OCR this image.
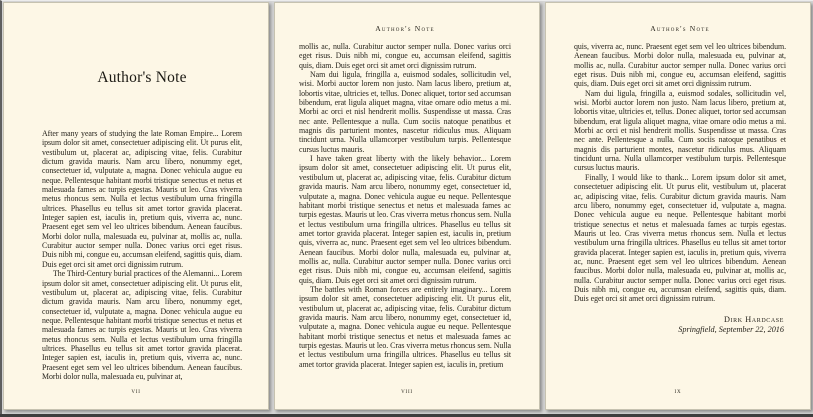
Author's Note

After many years of studying the late Roman Empire... Lorem ipsum dolor sit amet, consectetuer adipiscing elit. Ut purus elit, vestibulum ut, placerat ac, adipiscing vitae, felis. Curabitur dictum gravida mauris. Nam arcu libero, nonummy eget, consectetuer id, vulputate a, magna. Donec vehicula augue eu neque. Pellentesque habitant morbi tristique senectus et netus et malesuada fames ac turpis egestas. Mauris ut leo. Cras viverra metus rhoncus sem. Nulla et lectus vestibulum urna fringilla ultrices. Phasellus eu tellus sit amet tortor gravida placerat. Integer sapien est, iaculis in, pretium quis, viverra ac, nunc. Praesent eget sem vel leo ultrices bibendum. Aenean faucibus. Morbi dolor nulla, malesuada eu, pulvinar at, mollis ac, nulla. Curabitur auctor semper nulla. Donec varius orci eget risus. Duis nibh mi, congue eu, accumsan eleifend, sagittis quis, diam. Duis eget orci sit amet orci dignissim rutrum.

The Third-Century burial practices of the Alemanni... Lorem ipsum dolor sit amet, consectetuer adipiscing elit. Ut purus elit, vestibulum ut, placerat ac, adipiscing vitae, felis. Curabitur dictum gravida mauris. Nam arcu libero, nonummy eget, consectetuer id, vulputate a, magna. Donec vehicula augue eu neque. Pellentesque habitant morbi tristique senectus et netus et malesuada fames ac turpis egestas. Mauris ut leo. Cras viverra metus rhoncus sem. Nulla et lectus vestibulum urna fringilla ultrices. Phasellus eu tellus sit amet tortor gravida placerat. Integer sapien est, iaculis in, pretium quis, viverra ac, nunc. Praesent eget sem vel leo ultrices bibendum. Aenean faucibus. Morbi dolor nulla, malesuada eu, pulvinar at,

vii
Author's Note

mollis ac, nulla. Curabitur auctor semper nulla. Donec varius orci eget risus. Duis nibh mi, congue eu, accumsan eleifend, sagittis quis, diam. Duis eget orci sit amet orci dignissim rutrum.

Nam dui ligula, fringilla a, euismod sodales, sollicitudin vel, wisi. Morbi auctor lorem non justo. Nam lacus libero, pretium at, lobortis vitae, ultricies et, tellus. Donec aliquet, tortor sed accumsan bibendum, erat ligula aliquet magna, vitae ornare odio metus a mi. Morbi ac orci et nisl hendrerit mollis. Suspendisse ut massa. Cras nec ante. Pellentesque a nulla. Cum sociis natoque penatibus et magnis dis parturient montes, nascetur ridiculus mus. Aliquam tincidunt urna. Nulla ullamcorper vestibulum turpis. Pellentesque cursus luctus mauris.

I have taken great liberty with the likely behavior... Lorem ipsum dolor sit amet, consectetuer adipiscing elit. Ut purus elit, vestibulum ut, placerat ac, adipiscing vitae, felis. Curabitur dictum gravida mauris. Nam arcu libero, nonummy eget, consectetuer id, vulputate a, magna. Donec vehicula augue eu neque. Pellentesque habitant morbi tristique senectus et netus et malesuada fames ac turpis egestas. Mauris ut leo. Cras viverra metus rhoncus sem. Nulla et lectus vestibulum urna fringilla ultrices. Phasellus eu tellus sit amet tortor gravida placerat. Integer sapien est, iaculis in, pretium quis, viverra ac, nunc. Praesent eget sem vel leo ultrices bibendum. Aenean faucibus. Morbi dolor nulla, malesuada eu, pulvinar at, mollis ac, nulla. Curabitur auctor semper nulla. Donec varius orci eget risus. Duis nibh mi, congue eu, accumsan eleifend, sagittis quis, diam. Duis eget orci sit amet orci dignissim rutrum.

The battles with Roman forces are entirely imaginary... Lorem ipsum dolor sit amet, consectetuer adipiscing elit. Ut purus elit, vestibulum ut, placerat ac, adipiscing vitae, felis. Curabitur dictum gravida mauris. Nam arcu libero, nonummy eget, consectetuer id, vulputate a, magna. Donec vehicula augue eu neque. Pellentesque habitant morbi tristique senectus et netus et malesuada fames ac turpis egestas. Mauris ut leo. Cras viverra metus rhoncus sem. Nulla et lectus vestibulum urna fringilla ultrices. Phasellus eu tellus sit amet tortor gravida placerat. Integer sapien est, iaculis in, pretium

viii
Author's Note

quis, viverra ac, nunc. Praesent eget sem vel leo ultrices bibendum. Aenean faucibus. Morbi dolor nulla, malesuada eu, pulvinar at, mollis ac, nulla. Curabitur auctor semper nulla. Donec varius orci eget risus. Duis nibh mi, congue eu, accumsan eleifend, sagittis quis, diam. Duis eget orci sit amet orci dignissim rutrum.

Nam dui ligula, fringilla a, euismod sodales, sollicitudin vel, wisi. Morbi auctor lorem non justo. Nam lacus libero, pretium at, lobortis vitae, ultricies et, tellus. Donec aliquet, tortor sed accumsan bibendum, erat ligula aliquet magna, vitae ornare odio metus a mi. Morbi ac orci et nisl hendrerit mollis. Suspendisse ut massa. Cras nec ante. Pellentesque a nulla. Cum sociis natoque penatibus et magnis dis parturient montes, nascetur ridiculus mus. Aliquam tincidunt urna. Nulla ullamcorper vestibulum turpis. Pellentesque cursus luctus mauris.

Finally, I would like to thank... Lorem ipsum dolor sit amet, consectetuer adipiscing elit. Ut purus elit, vestibulum ut, placerat ac, adipiscing vitae, felis. Curabitur dictum gravida mauris. Nam arcu libero, nonummy eget, consectetuer id, vulputate a, magna. Donec vehicula augue eu neque. Pellentesque habitant morbi tristique senectus et netus et malesuada fames ac turpis egestas. Mauris ut leo. Cras viverra metus rhoncus sem. Nulla et lectus vestibulum urna fringilla ultrices. Phasellus eu tellus sit amet tortor gravida placerat. Integer sapien est, iaculis in, pretium quis, viverra ac, nunc. Praesent eget sem vel leo ultrices bibendum. Aenean faucibus. Morbi dolor nulla, malesuada eu, pulvinar at, mollis ac, nulla. Curabitur auctor semper nulla. Donec varius orci eget risus. Duis nibh mi, congue eu, accumsan eleifend, sagittis quis, diam. Duis eget orci sit amet orci dignissim rutrum.

Dirk Hardcase
Springfield, September 22, 2016
ix
